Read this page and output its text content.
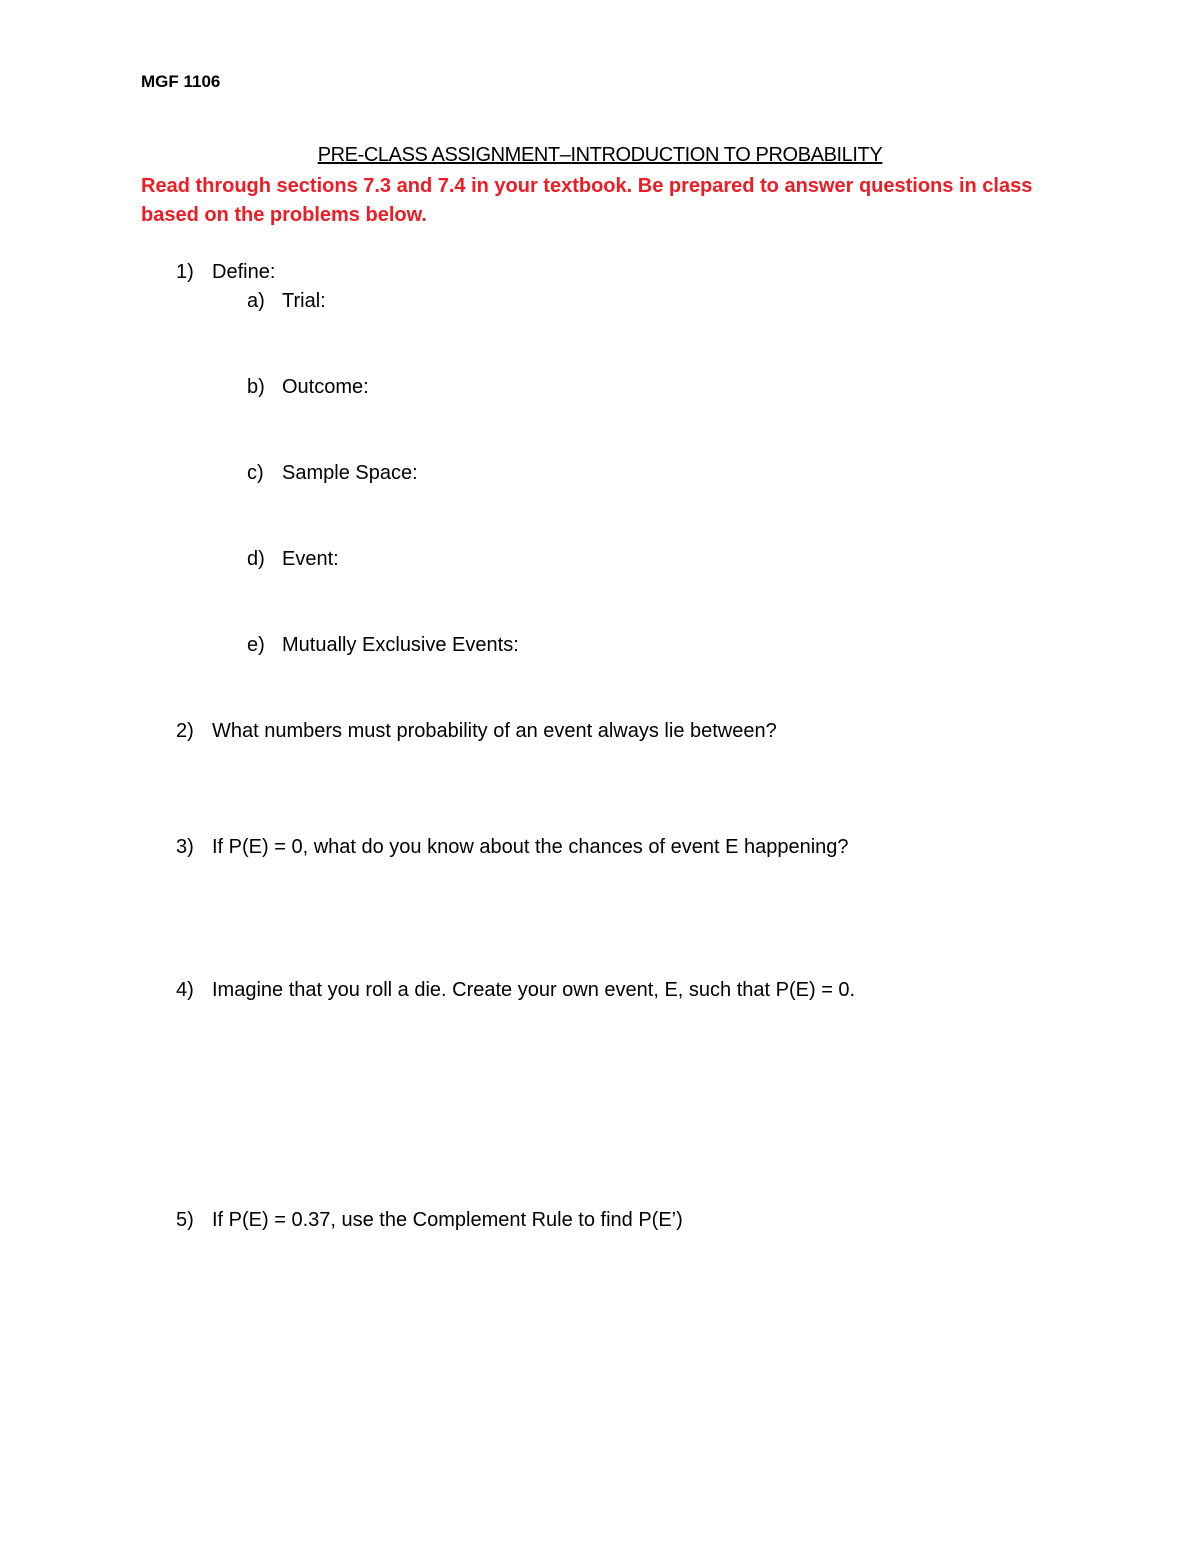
MGF 1106
PRE-CLASS ASSIGNMENT–INTRODUCTION TO PROBABILITY
Read through sections 7.3 and 7.4 in your textbook. Be prepared to answer questions in class based on the problems below.
1) Define:
a) Trial:
b) Outcome:
c) Sample Space:
d) Event:
e) Mutually Exclusive Events:
2) What numbers must probability of an event always lie between?
3) If P(E) = 0, what do you know about the chances of event E happening?
4) Imagine that you roll a die. Create your own event, E, such that P(E) = 0.
5) If P(E) = 0.37, use the Complement Rule to find P(E’)
